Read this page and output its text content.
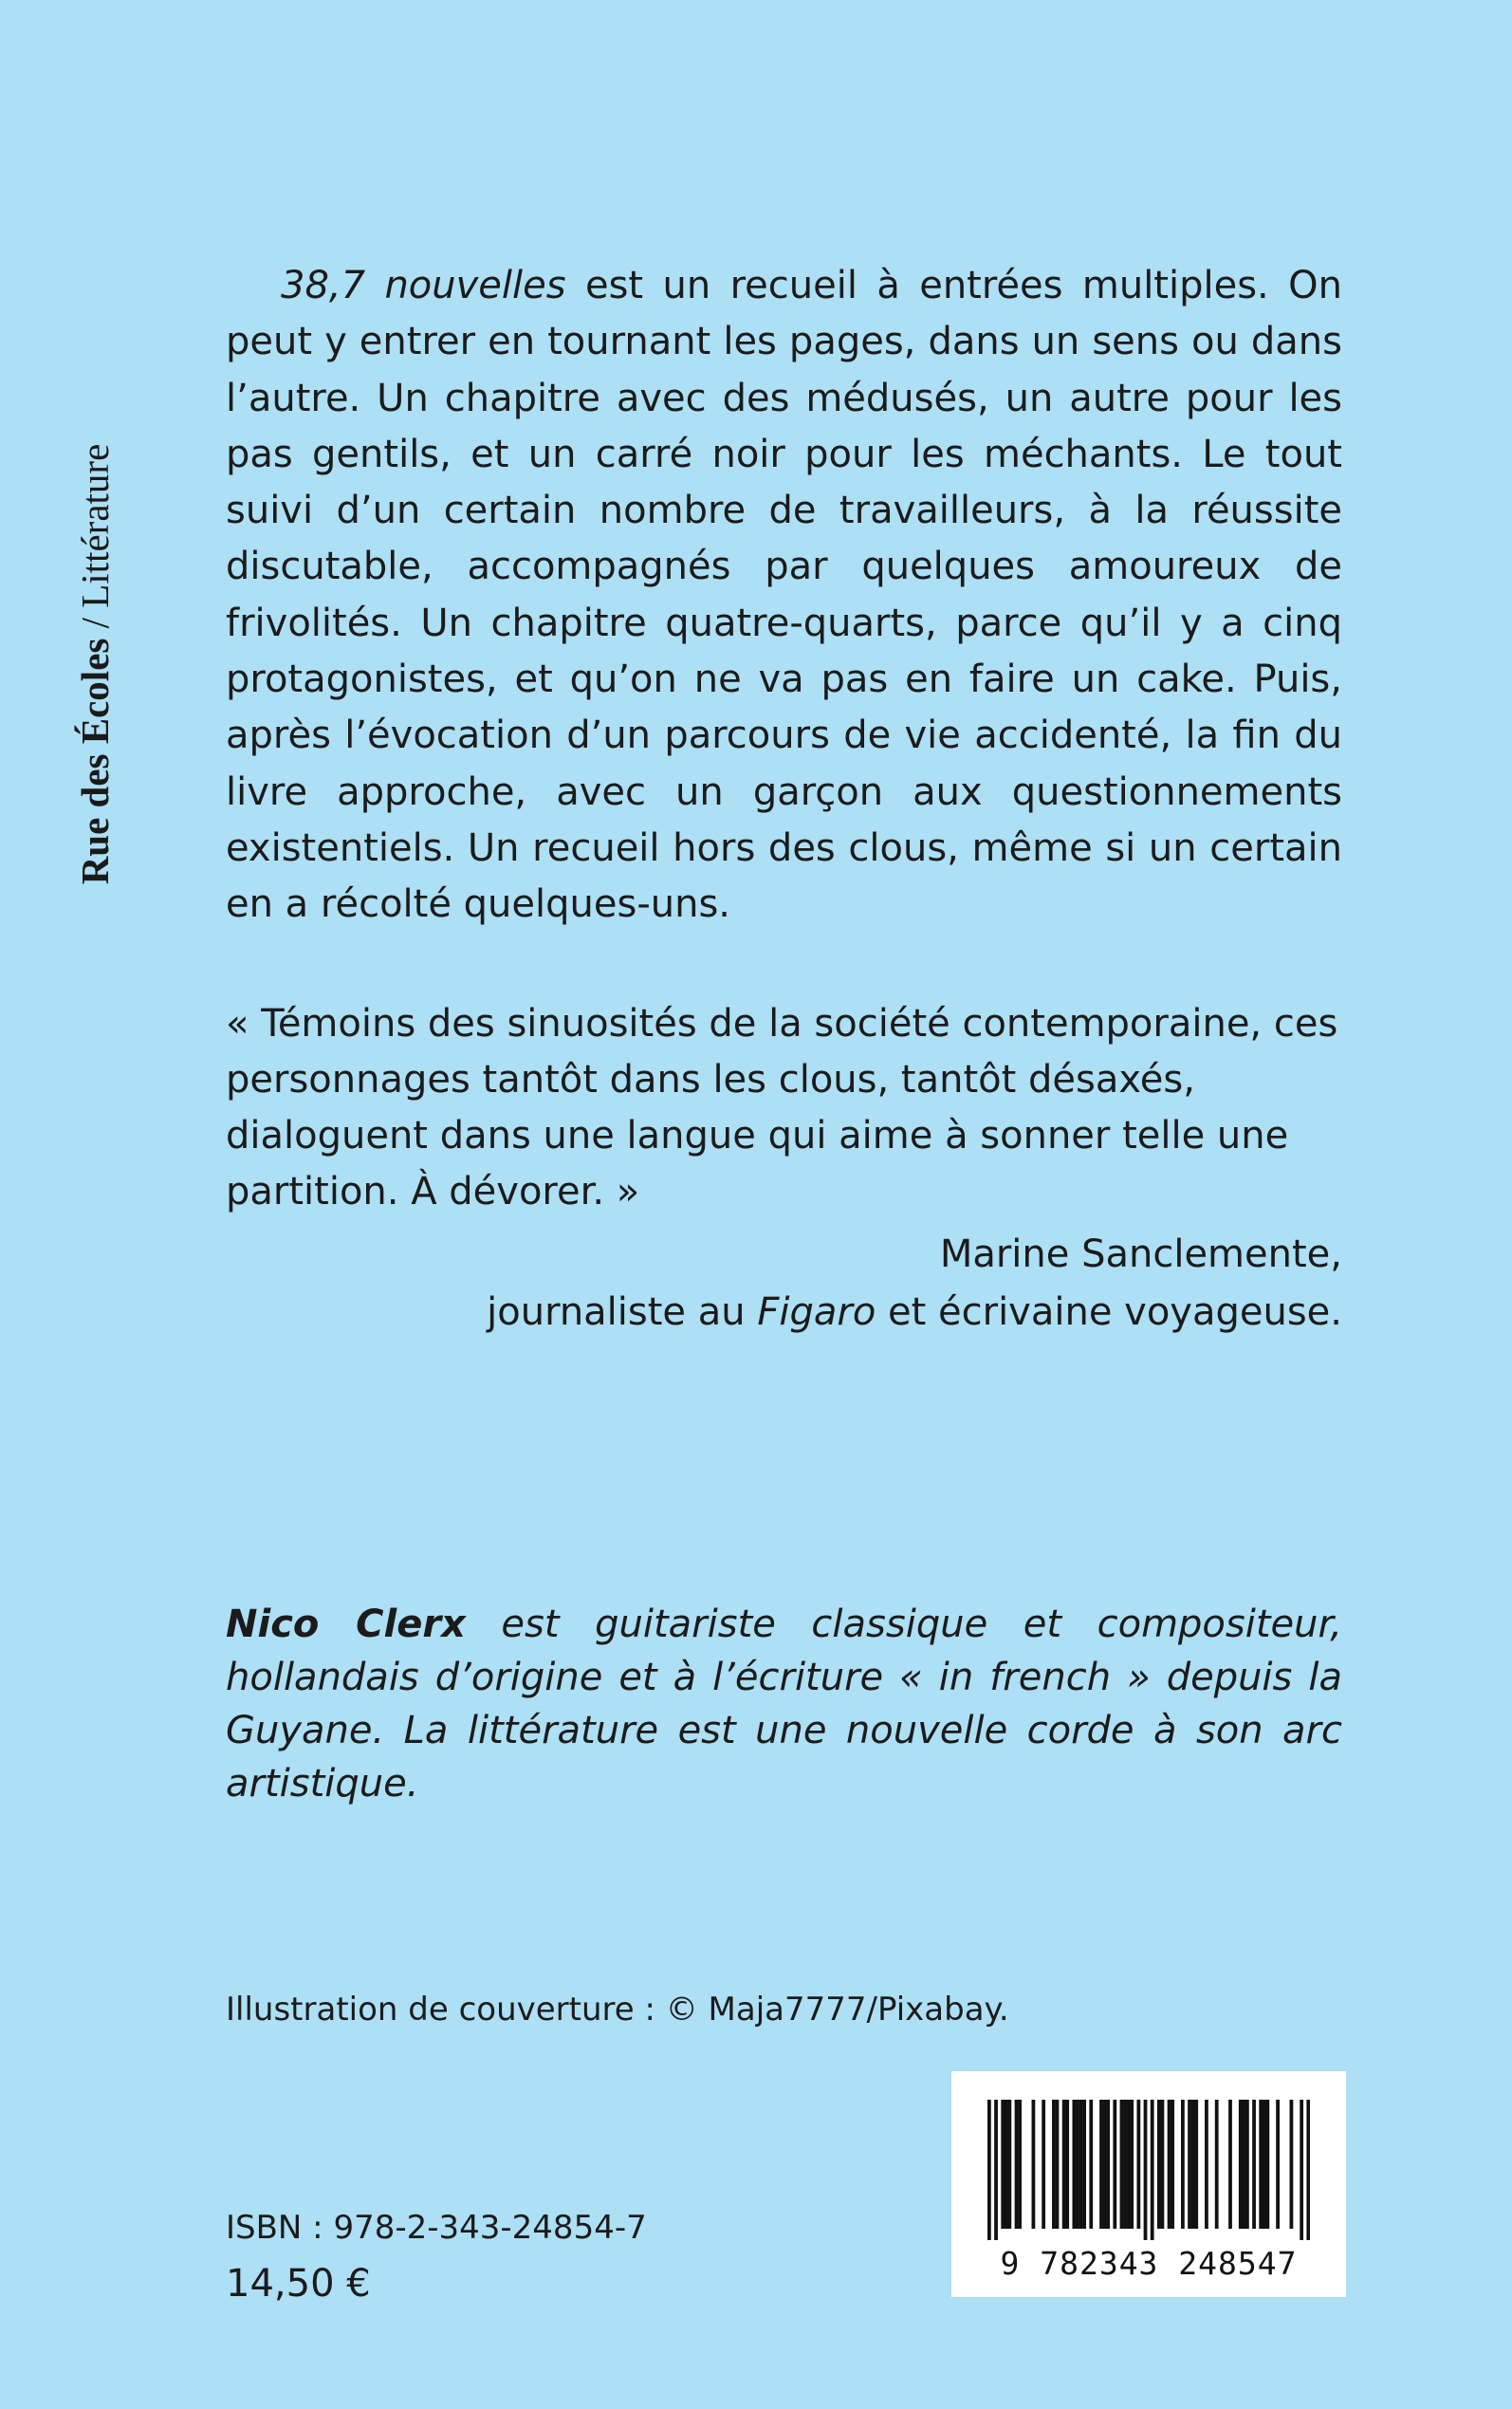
Rue des Écoles / Littérature

38,7 nouvelles est un recueil à entrées multiples. On peut y entrer en tournant les pages, dans un sens ou dans l’autre. Un chapitre avec des médusés, un autre pour les pas gentils, et un carré noir pour les méchants. Le tout suivi d’un certain nombre de travailleurs, à la réussite discutable, accompagnés par quelques amoureux de frivolités. Un chapitre quatre-quarts, parce qu’il y a cinq protagonistes, et qu’on ne va pas en faire un cake. Puis, après l’évocation d’un parcours de vie accidenté, la fin du livre approche, avec un garçon aux questionnements existentiels. Un recueil hors des clous, même si un certain en a récolté quelques-uns.

« Témoins des sinuosités de la société contemporaine, ces personnages tantôt dans les clous, tantôt désaxés, dialoguent dans une langue qui aime à sonner telle une partition. À dévorer. »

Marine Sanclemente,
journaliste au Figaro et écrivaine voyageuse.

Nico Clerx est guitariste classique et compositeur, hollandais d’origine et à l’écriture « in french » depuis la Guyane. La littérature est une nouvelle corde à son arc artistique.

Illustration de couverture : © Maja7777/Pixabay.

9 782343 248547

ISBN : 978-2-343-24854-7

14,50 €
